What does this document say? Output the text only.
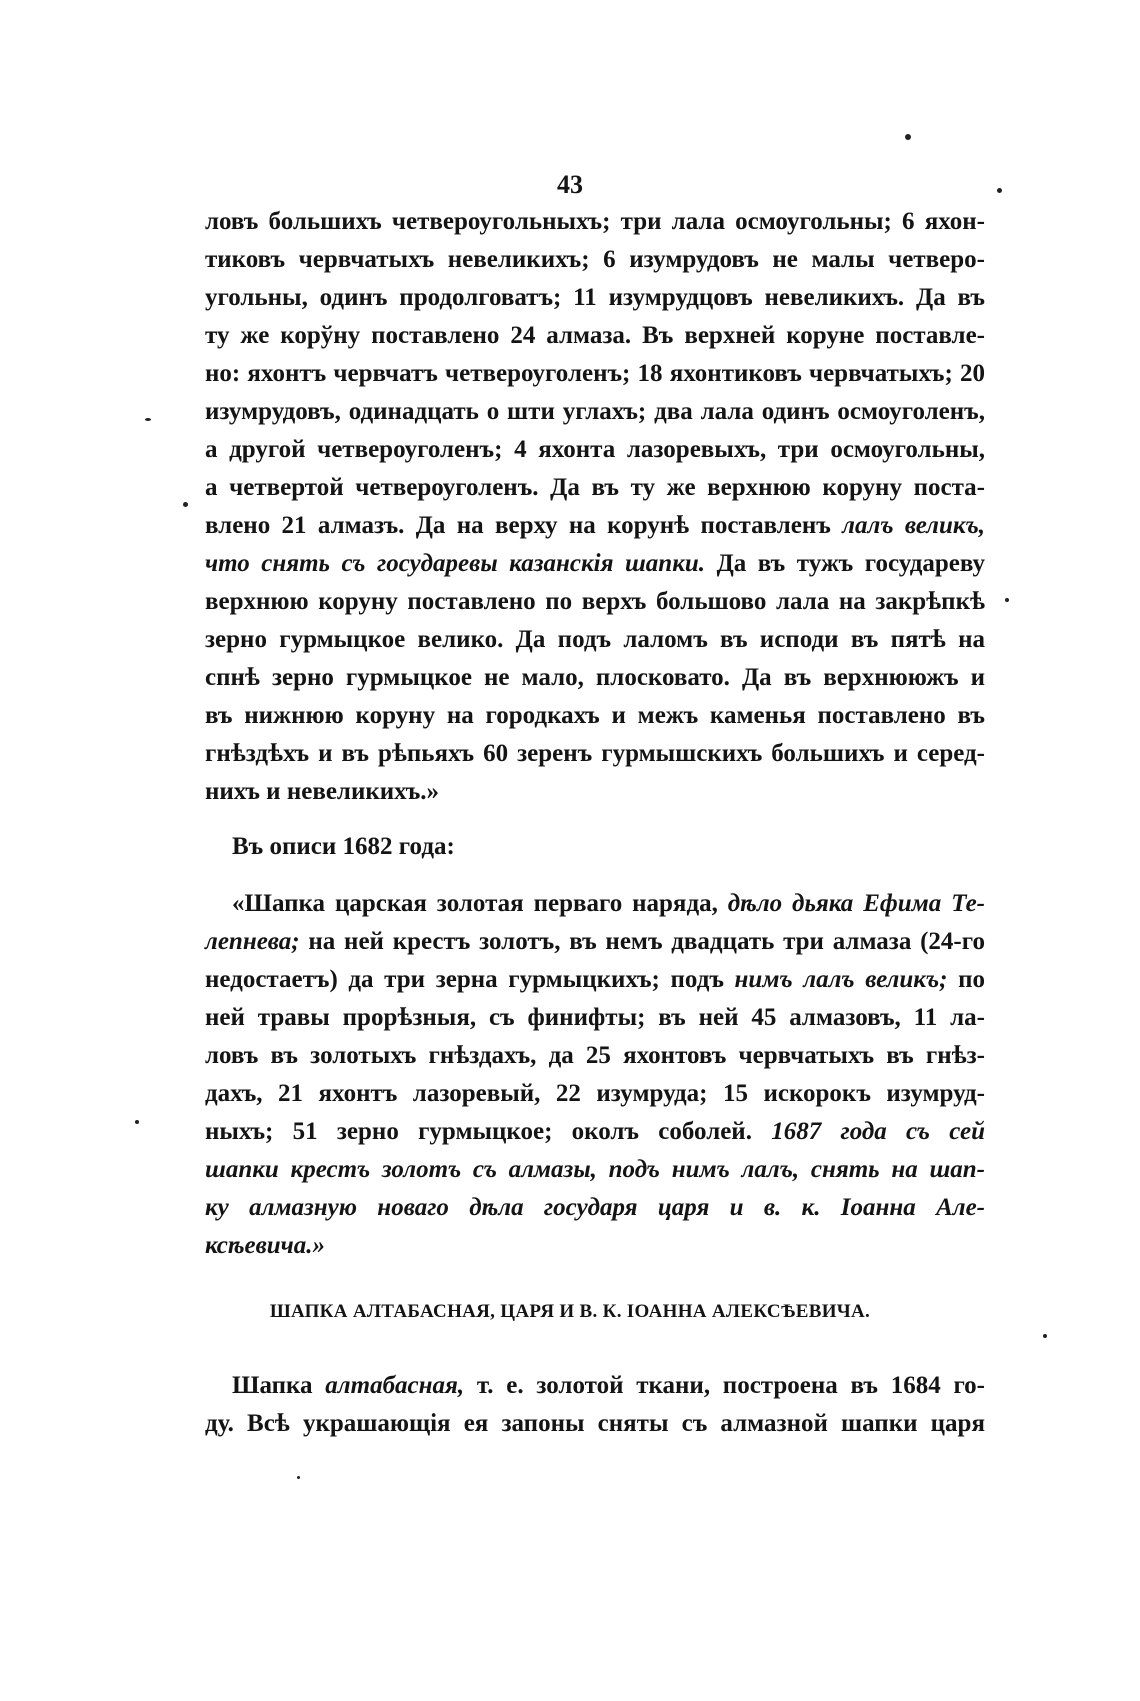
43
ловъ большихъ четвероугольныхъ; три лала осмоугольны; 6 яхон-
тиковъ червчатыхъ невеликихъ; 6 изумрудовъ не малы четверо-
угольны, одинъ продолговатъ; 11 изумрудцовъ невеликихъ. Да въ
ту же корўну поставлено 24 алмаза. Въ верхней коруне поставле-
но: яхонтъ червчатъ четвероуголенъ; 18 яхонтиковъ червчатыхъ; 20
изумрудовъ, одинадцать о шти углахъ; два лала одинъ осмоуголенъ,
а другой четвероуголенъ; 4 яхонта лазоревыхъ, три осмоугольны,
а четвертой четвероуголенъ. Да въ ту же верхнюю коруну поста-
влено 21 алмазъ. Да на верху на корунѣ поставленъ лалъ великъ,
что снять съ государевы казанскія шапки. Да въ тужъ государеву
верхнюю коруну поставлено по верхъ большово лала на закрѣпкѣ
зерно гурмыцкое велико. Да подъ лаломъ въ исподи въ пятѣ на
спнѣ зерно гурмыцкое не мало, плосковато. Да въ верхнююжъ и
въ нижнюю коруну на городкахъ и межъ каменья поставлено въ
гнѣздѣхъ и въ рѣпьяхъ 60 зеренъ гурмышскихъ большихъ и серед-
нихъ и невеликихъ.»
Въ описи 1682 года:
«Шапка царская золотая перваго наряда, дѣло дьяка Ефима Те-
лепнева; на ней крестъ золотъ, въ немъ двадцать три алмаза (24-го
недостаетъ) да три зерна гурмыцкихъ; подъ нимъ лалъ великъ; по
ней травы прорѣзныя, съ финифты; въ ней 45 алмазовъ, 11 ла-
ловъ въ золотыхъ гнѣздахъ, да 25 яхонтовъ червчатыхъ въ гнѣз-
дахъ, 21 яхонтъ лазоревый, 22 изумруда; 15 искорокъ изумруд-
ныхъ; 51 зерно гурмыцкое; околъ соболей. 1687 года съ сей
шапки крестъ золотъ съ алмазы, подъ нимъ лалъ, снять на шап-
ку алмазную новаго дѣла государя царя и в. к. Іоанна Але-
ксѣевича.»
ШАПКА АЛТАБАСНАЯ, ЦАРЯ И В. К. ІОАННА АЛЕКСѢЕВИЧА.
Шапка алтабасная, т. е. золотой ткани, построена въ 1684 го-
ду. Всѣ украшающія ея запоны сняты съ алмазной шапки царя
